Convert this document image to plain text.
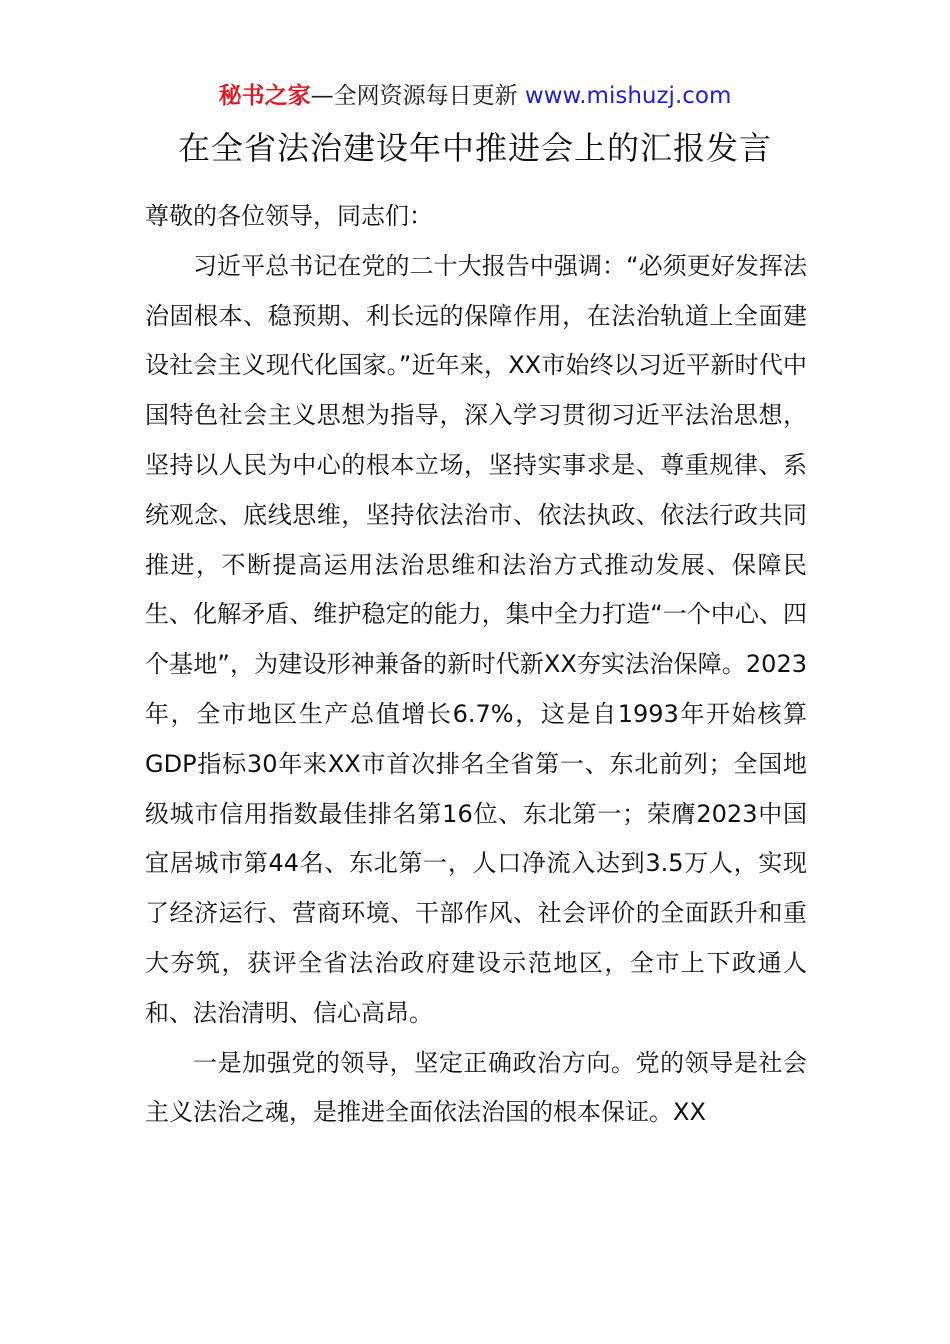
秘书之家—全网资源每日更新 www.mishuzj.com
在全省法治建设年中推进会上的汇报发言

尊敬的各位领导，同志们：

习近平总书记在党的二十大报告中强调：“必须更好发挥法治固根本、稳预期、利长远的保障作用，在法治轨道上全面建设社会主义现代化国家。”近年来，XX市始终以习近平新时代中国特色社会主义思想为指导，深入学习贯彻习近平法治思想，坚持以人民为中心的根本立场，坚持实事求是、尊重规律、系统观念、底线思维，坚持依法治市、依法执政、依法行政共同推进，不断提高运用法治思维和法治方式推动发展、保障民生、化解矛盾、维护稳定的能力，集中全力打造“一个中心、四个基地”，为建设形神兼备的新时代新XX夯实法治保障。2023年，全市地区生产总值增长6.7%，这是自1993年开始核算GDP指标30年来XX市首次排名全省第一、东北前列；全国地级城市信用指数最佳排名第16位、东北第一；荣膺2023中国宜居城市第44名、东北第一，人口净流入达到3.5万人，实现了经济运行、营商环境、干部作风、社会评价的全面跃升和重大夯筑，获评全省法治政府建设示范地区，全市上下政通人和、法治清明、信心高昂。

一是加强党的领导，坚定正确政治方向。党的领导是社会主义法治之魂，是推进全面依法治国的根本保证。XX
